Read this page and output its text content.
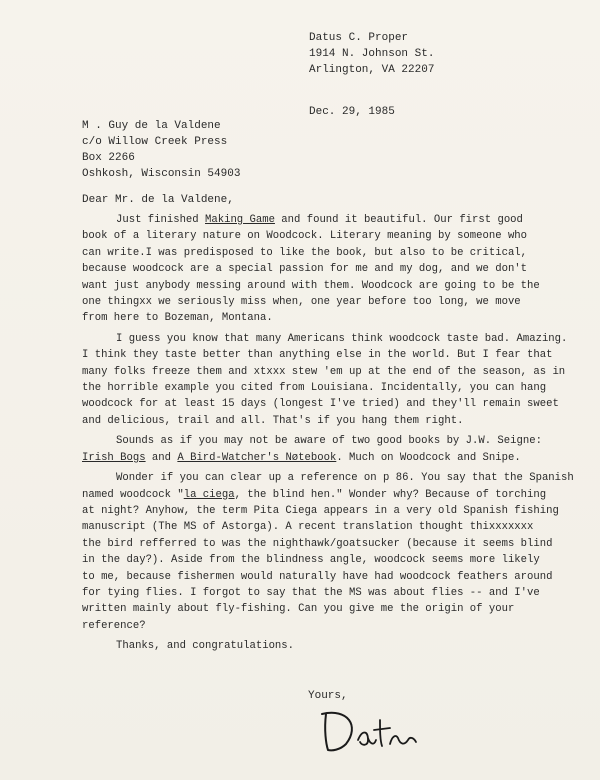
Datus C. Proper
1914 N. Johnson St.
Arlington, VA 22207
Dec. 29, 1985
M . Guy de la Valdene
c/o Willow Creek Press
Box 2266
Oshkosh, Wisconsin 54903
Dear Mr. de la Valdene,
Just finished Making Game and found it beautiful. Our first good
book of a literary nature on Woodcock. Literary meaning by someone who
can write.I was predisposed to like the book, but also to be critical,
because woodcock are a special passion for me and my dog, and we don't
want just anybody messing around with them. Woodcock are going to be the
one thingxx we seriously miss when, one year before too long, we move
from here to Bozeman, Montana.
I guess you know that many Americans think woodcock taste bad. Amazing.
I think they taste better than anything else in the world. But I fear that
many folks freeze them and xtxxx stew 'em up at the end of the season, as in
the horrible example you cited from Louisiana. Incidentally, you can hang
woodcock for at least 15 days (longest I've tried) and they'll remain sweet
and delicious, trail and all. That's if you hang them right.
Sounds as if you may not be aware of two good books by J.W. Seigne:
Irish Bogs and A Bird-Watcher's Nøtebook. Much on Woodcock and Snipe.
Wonder if you can clear up a reference on p 86. You say that the Spanish
named woodcock "la ciega, the blind hen." Wonder why? Because of torching
at night? Anyhow, the term Pita Ciega appears in a very old Spanish fishing
manuscript (The MS of Astorga). A recent translation thought thixxxxxxx
the bird refferred to was the nighthawk/goatsucker (because it seems blind
in the day?). Aside from the blindness angle, woodcock seems more likely
to me, because fishermen would naturally have had woodcock feathers around
for tying flies. I forgot to say that the MS was about flies -- and I've
written mainly about fly-fishing. Can you give me the origin of your
reference?
Thanks, and congratulations.
Yours,
